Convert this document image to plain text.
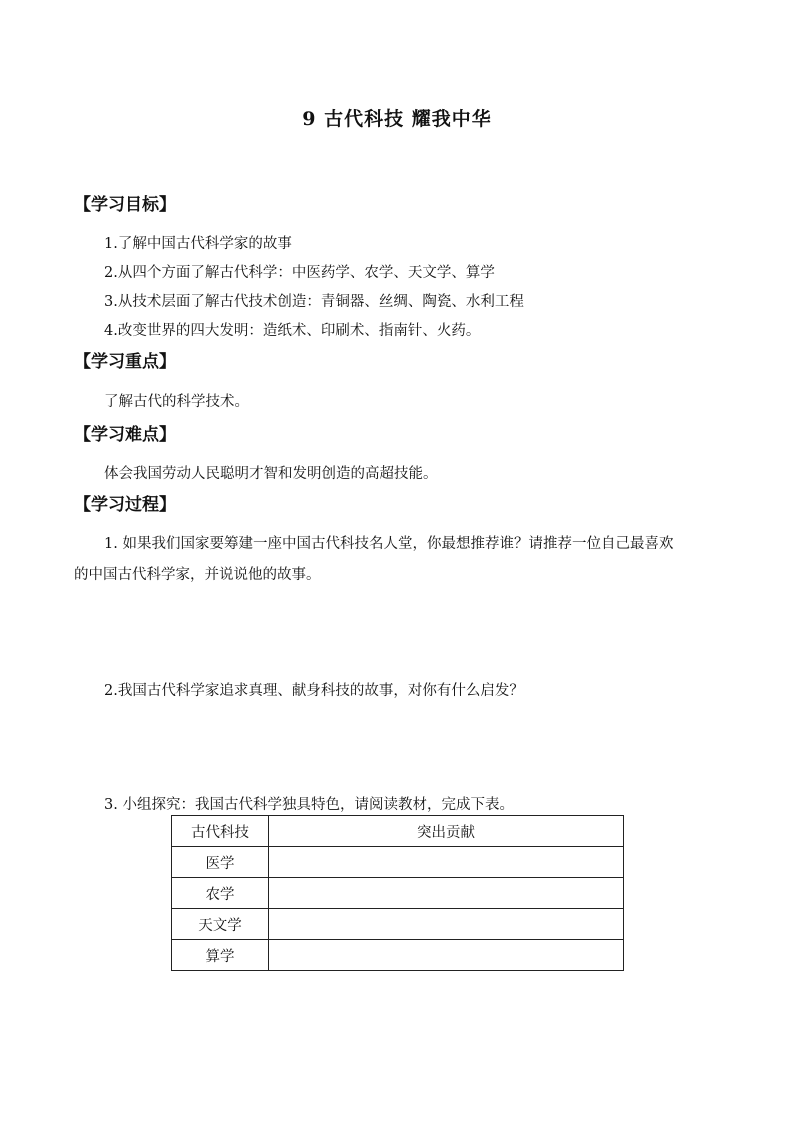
9 古代科技 耀我中华
【学习目标】
1.了解中国古代科学家的故事
2.从四个方面了解古代科学：中医药学、农学、天文学、算学
3.从技术层面了解古代技术创造：青铜器、丝绸、陶瓷、水利工程
4.改变世界的四大发明：造纸术、印刷术、指南针、火药。
【学习重点】
了解古代的科学技术。
【学习难点】
体会我国劳动人民聪明才智和发明创造的高超技能。
【学习过程】
1. 如果我们国家要筹建一座中国古代科技名人堂，你最想推荐谁？请推荐一位自己最喜欢
的中国古代科学家，并说说他的故事。
2.我国古代科学家追求真理、献身科技的故事，对你有什么启发？
3. 小组探究：我国古代科学独具特色，请阅读教材，完成下表。
古代科技	突出贡献
医学	
农学	
天文学	
算学	
